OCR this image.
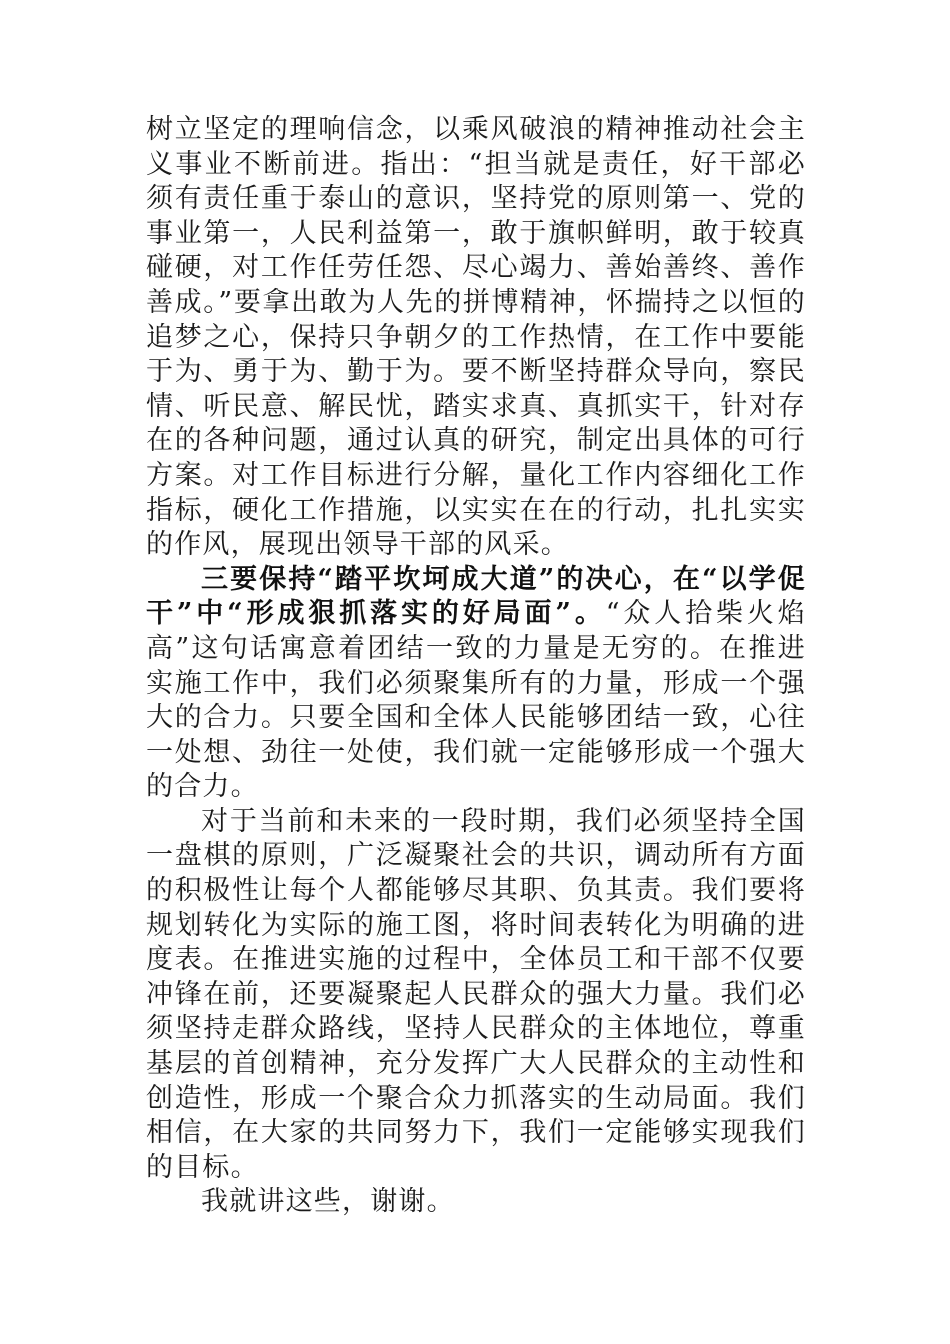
树立坚定的理响信念，以乘风破浪的精神推动社会主义事业不断前进。指出：“担当就是责任，好干部必须有责任重于泰山的意识，坚持党的原则第一、党的事业第一，人民利益第一，敢于旗帜鲜明，敢于较真碰硬，对工作任劳任怨、尽心竭力、善始善终、善作善成。”要拿出敢为人先的拼博精神，怀揣持之以恒的追梦之心，保持只争朝夕的工作热情，在工作中要能于为、勇于为、勤于为。要不断坚持群众导向，察民情、听民意、解民忧，踏实求真、真抓实干，针对存在的各种问题，通过认真的研究，制定出具体的可行方案。对工作目标进行分解，量化工作内容细化工作指标，硬化工作措施，以实实在在的行动，扎扎实实的作风，展现出领导干部的风采。

三要保持“踏平坎坷成大道”的决心，在“以学促干”中“形成狠抓落实的好局面”。“众人拾柴火焰高”这句话寓意着团结一致的力量是无穷的。在推进实施工作中，我们必须聚集所有的力量，形成一个强大的合力。只要全国和全体人民能够团结一致，心往一处想、劲往一处使，我们就一定能够形成一个强大的合力。

对于当前和未来的一段时期，我们必须坚持全国一盘棋的原则，广泛凝聚社会的共识，调动所有方面的积极性让每个人都能够尽其职、负其责。我们要将规划转化为实际的施工图，将时间表转化为明确的进度表。在推进实施的过程中，全体员工和干部不仅要冲锋在前，还要凝聚起人民群众的强大力量。我们必须坚持走群众路线，坚持人民群众的主体地位，尊重基层的首创精神，充分发挥广大人民群众的主动性和创造性，形成一个聚合众力抓落实的生动局面。我们相信，在大家的共同努力下，我们一定能够实现我们的目标。

我就讲这些，谢谢。
